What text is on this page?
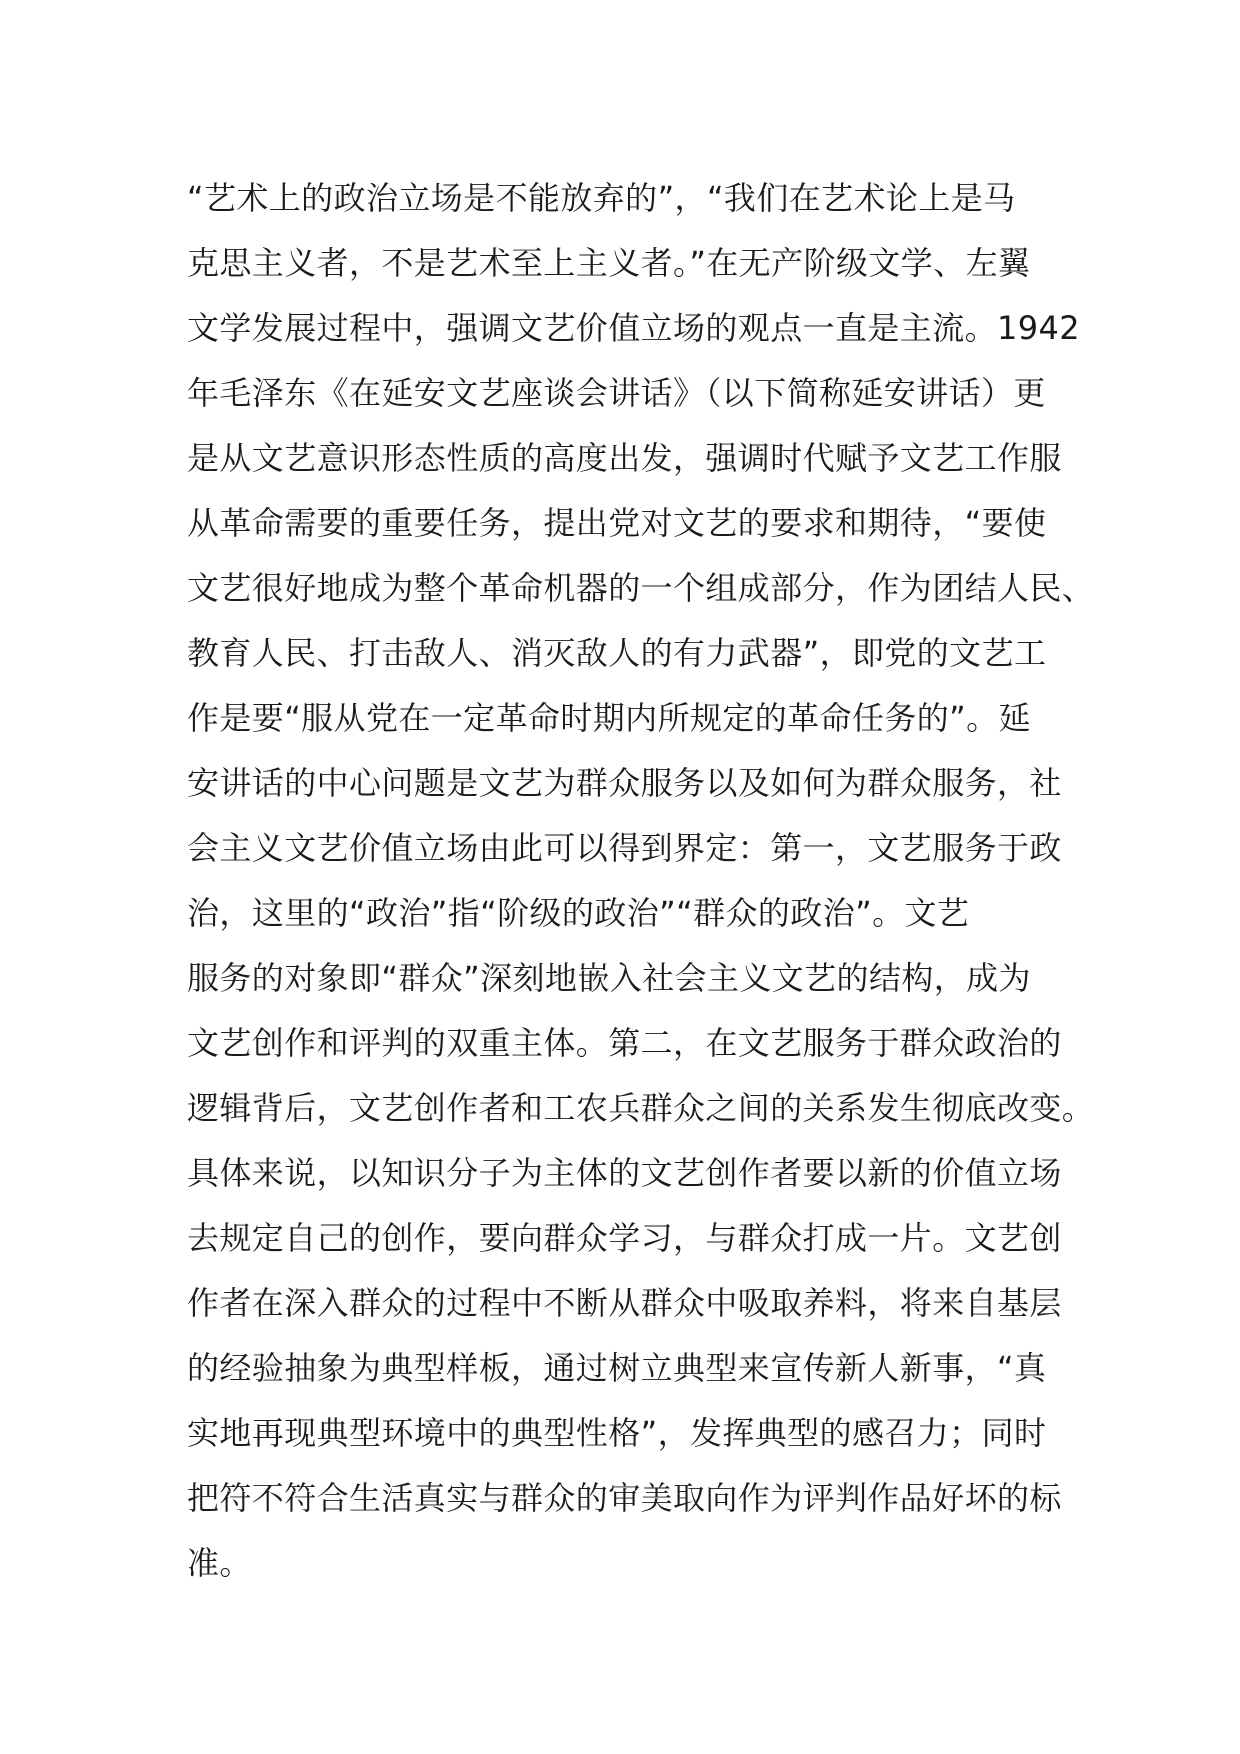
“艺术上的政治立场是不能放弃的”，“我们在艺术论上是马
克思主义者，不是艺术至上主义者。”在无产阶级文学、左翼
文学发展过程中，强调文艺价值立场的观点一直是主流。1942
年毛泽东《在延安文艺座谈会讲话》（以下简称延安讲话）更
是从文艺意识形态性质的高度出发，强调时代赋予文艺工作服
从革命需要的重要任务，提出党对文艺的要求和期待，“要使
文艺很好地成为整个革命机器的一个组成部分，作为团结人民、
教育人民、打击敌人、消灭敌人的有力武器”，即党的文艺工
作是要“服从党在一定革命时期内所规定的革命任务的”。延
安讲话的中心问题是文艺为群众服务以及如何为群众服务，社
会主义文艺价值立场由此可以得到界定：第一，文艺服务于政
治，这里的“政治”指“阶级的政治”“群众的政治”。文艺
服务的对象即“群众”深刻地嵌入社会主义文艺的结构，成为
文艺创作和评判的双重主体。第二，在文艺服务于群众政治的
逻辑背后，文艺创作者和工农兵群众之间的关系发生彻底改变。
具体来说，以知识分子为主体的文艺创作者要以新的价值立场
去规定自己的创作，要向群众学习，与群众打成一片。文艺创
作者在深入群众的过程中不断从群众中吸取养料，将来自基层
的经验抽象为典型样板，通过树立典型来宣传新人新事，“真
实地再现典型环境中的典型性格”，发挥典型的感召力；同时
把符不符合生活真实与群众的审美取向作为评判作品好坏的标
准。
